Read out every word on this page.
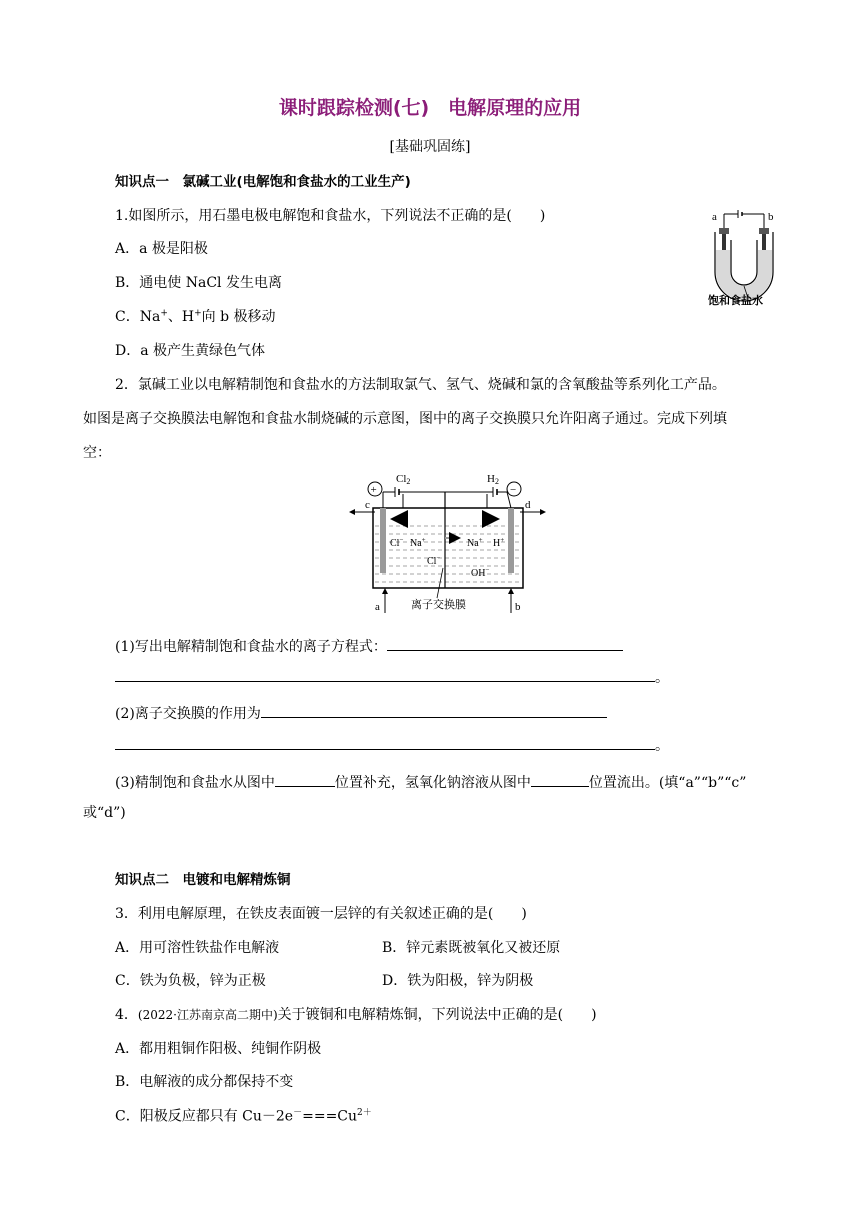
课时跟踪检测(七)　电解原理的应用
[基础巩固练]
知识点一　氯碱工业(电解饱和食盐水的工业生产)
1.如图所示，用石墨电极电解饱和食盐水，下列说法不正确的是(　　)
A．a 极是阳极
B．通电使 NaCl 发生电离
C．Na+、H+向 b 极移动
D．a 极产生黄绿色气体
a	b
饱和食盐水
2．氯碱工业以电解精制饱和食盐水的方法制取氯气、氢气、烧碱和氯的含氧酸盐等系列化工产品。
如图是离子交换膜法电解饱和食盐水制烧碱的示意图，图中的离子交换膜只允许阳离子通过。完成下列填
空：
+	−
Cl2	H2
c	d
Cl− Na+	Na+ H+
Cl−
OH−
a	b
离子交换膜
(1)写出电解精制饱和食盐水的离子方程式：
。
(2)离子交换膜的作用为
。
(3)精制饱和食盐水从图中	位置补充，氢氧化钠溶液从图中	位置流出。(填“a”“b”“c”
或“d”)
知识点二　电镀和电解精炼铜
3．利用电解原理，在铁皮表面镀一层锌的有关叙述正确的是(　　)
A．用可溶性铁盐作电解液	B．锌元素既被氧化又被还原
C．铁为负极，锌为正极	D．铁为阳极，锌为阴极
4．(2022·江苏南京高二期中)关于镀铜和电解精炼铜，下列说法中正确的是(　　)
A．都用粗铜作阳极、纯铜作阴极
B．电解液的成分都保持不变
C．阳极反应都只有 $Cu-2e^-===Cu^{2+}$
